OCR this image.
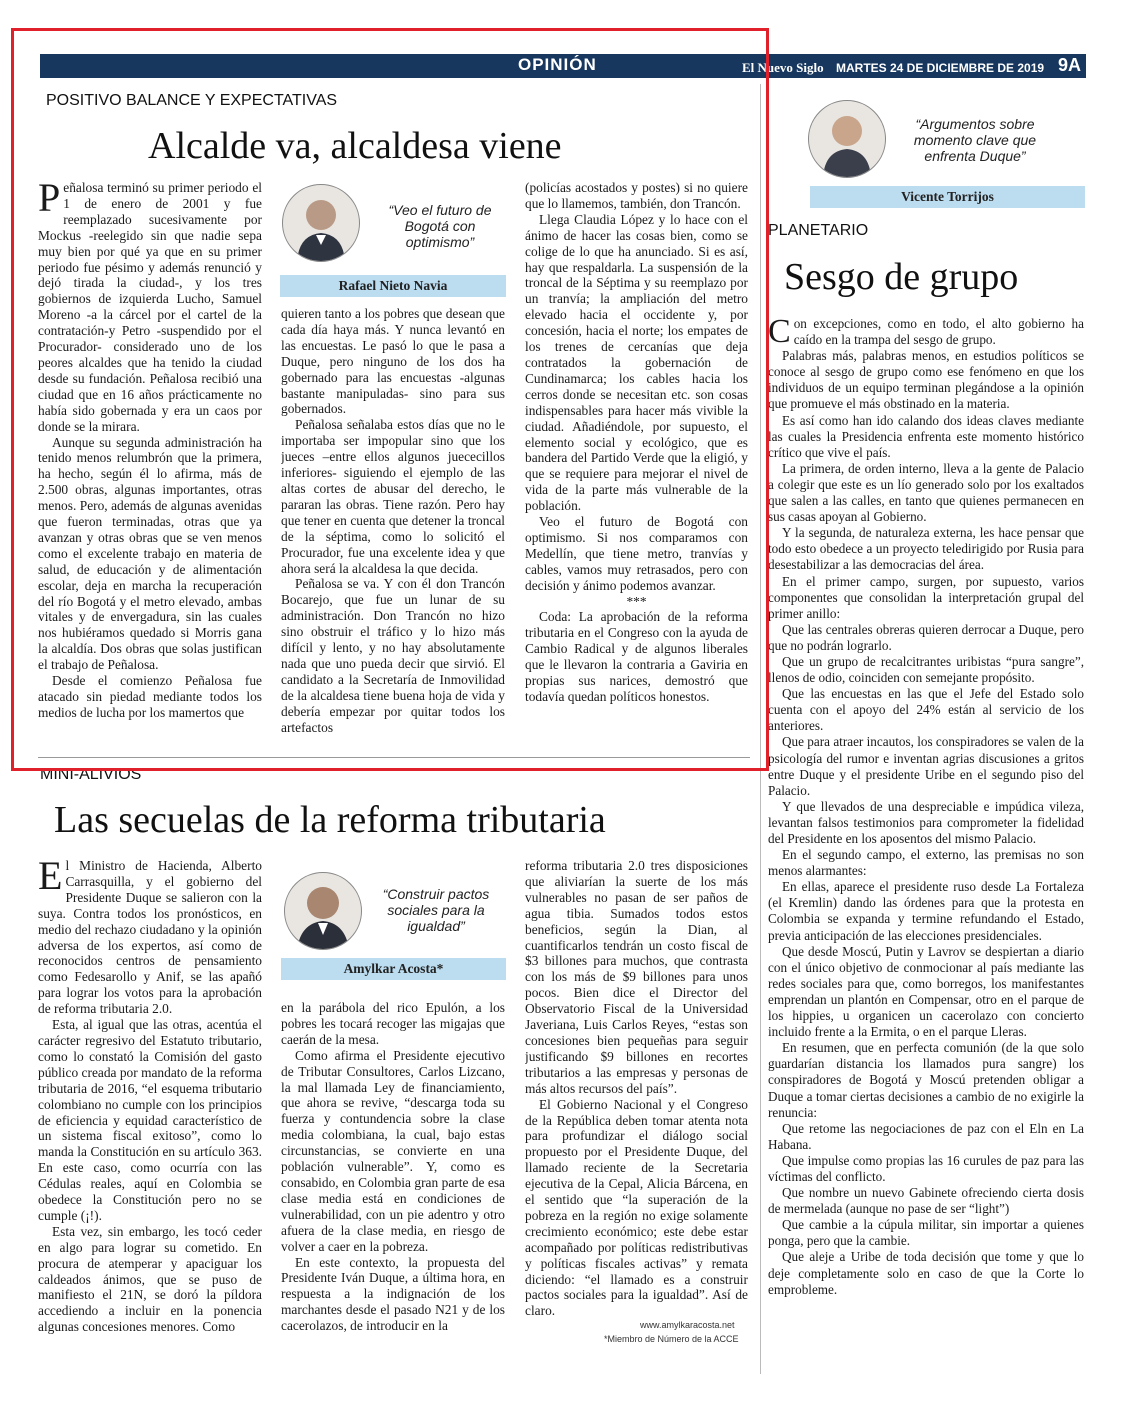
OPINIÓN	El Nuevo Siglo MARTES 24 DE DICIEMBRE DE 2019 9A
POSITIVO BALANCE Y EXPECTATIVAS
Alcalde va, alcaldesa viene

Peñalosa terminó su primer periodo el 1 de enero de 2001 y fue reemplazado sucesivamente por Mockus -reelegido sin que nadie sepa muy bien por qué ya que en su primer periodo fue pésimo y además renunció y dejó tirada la ciudad-, y los tres gobiernos de izquierda Lucho, Samuel Moreno -a la cárcel por el cartel de la contratación-y Petro -suspendido por el Procurador- considerado uno de los peores alcaldes que ha tenido la ciudad desde su fundación. Peñalosa recibió una ciudad que en 16 años prácticamente no había sido gobernada y era un caos por donde se la mirara.

Aunque su segunda administración ha tenido menos relumbrón que la primera, ha hecho, según él lo afirma, más de 2.500 obras, algunas importantes, otras menos. Pero, además de algunas avenidas que fueron terminadas, otras que ya avanzan y otras obras que se ven menos como el excelente trabajo en materia de salud, de educación y de alimentación escolar, deja en marcha la recuperación del río Bogotá y el metro elevado, ambas vitales y de envergadura, sin las cuales nos hubiéramos quedado si Morris gana la alcaldía. Dos obras que solas justifican el trabajo de Peñalosa.

Desde el comienzo Peñalosa fue atacado sin piedad mediante todos los medios de lucha por los mamertos que

“Veo el futuro de Bogotá con optimismo”
Rafael Nieto Navia

quieren tanto a los pobres que desean que cada día haya más. Y nunca levantó en las encuestas. Le pasó lo que le pasa a Duque, pero ninguno de los dos ha gobernado para las encuestas -algunas bastante manipuladas- sino para sus gobernados.

Peñalosa señalaba estos días que no le importaba ser impopular sino que los jueces –entre ellos algunos juececillos inferiores- siguiendo el ejemplo de las altas cortes de abusar del derecho, le pararan las obras. Tiene razón. Pero hay que tener en cuenta que detener la troncal de la séptima, como lo solicitó el Procurador, fue una excelente idea y que ahora será la alcaldesa la que decida.

Peñalosa se va. Y con él don Trancón Bocarejo, que fue un lunar de su administración. Don Trancón no hizo sino obstruir el tráfico y lo hizo más difícil y lento, y no hay absolutamente nada que uno pueda decir que sirvió. El candidato a la Secretaría de Inmovilidad de la alcaldesa tiene buena hoja de vida y debería empezar por quitar todos los artefactos

(policías acostados y postes) si no quiere que lo llamemos, también, don Trancón.

Llega Claudia López y lo hace con el ánimo de hacer las cosas bien, como se colige de lo que ha anunciado. Si es así, hay que respaldarla. La suspensión de la troncal de la Séptima y su reemplazo por un tranvía; la ampliación del metro elevado hacia el occidente y, por concesión, hacia el norte; los empates de los trenes de cercanías que deja contratados la gobernación de Cundinamarca; los cables hacia los cerros donde se necesitan etc. son cosas indispensables para hacer más vivible la ciudad. Añadiéndole, por supuesto, el elemento social y ecológico, que es bandera del Partido Verde que la eligió, y que se requiere para mejorar el nivel de vida de la parte más vulnerable de la población.

Veo el futuro de Bogotá con optimismo. Si nos comparamos con Medellín, que tiene metro, tranvías y cables, vamos muy retrasados, pero con decisión y ánimo podemos avanzar.

***

Coda: La aprobación de la reforma tributaria en el Congreso con la ayuda de Cambio Radical y de algunos liberales que le llevaron la contraria a Gaviria en propias sus narices, demostró que todavía quedan políticos honestos.

MINI-ALIVIOS
Las secuelas de la reforma tributaria

El Ministro de Hacienda, Alberto Carrasquilla, y el gobierno del Presidente Duque se salieron con la suya. Contra todos los pronósticos, en medio del rechazo ciudadano y la opinión adversa de los expertos, así como de reconocidos centros de pensamiento como Fedesarollo y Anif, se las apañó para lograr los votos para la aprobación de reforma tributaria 2.0.

Esta, al igual que las otras, acentúa el carácter regresivo del Estatuto tributario, como lo constató la Comisión del gasto público creada por mandato de la reforma tributaria de 2016, “el esquema tributario colombiano no cumple con los principios de eficiencia y equidad característico de un sistema fiscal exitoso”, como lo manda la Constitución en su artículo 363. En este caso, como ocurría con las Cédulas reales, aquí en Colombia se obedece la Constitución pero no se cumple (¡!).

Esta vez, sin embargo, les tocó ceder en algo para lograr su cometido. En procura de atemperar y apaciguar los caldeados ánimos, que se puso de manifiesto el 21N, se doró la píldora accediendo a incluir en la ponencia algunas concesiones menores. Como

“Construir pactos sociales para la igualdad”
Amylkar Acosta*

en la parábola del rico Epulón, a los pobres les tocará recoger las migajas que caerán de la mesa.

Como afirma el Presidente ejecutivo de Tributar Consultores, Carlos Lizcano, la mal llamada Ley de financiamiento, que ahora se revive, “descarga toda su fuerza y contundencia sobre la clase media colombiana, la cual, bajo estas circunstancias, se convierte en una población vulnerable”. Y, como es consabido, en Colombia gran parte de esa clase media está en condiciones de vulnerabilidad, con un pie adentro y otro afuera de la clase media, en riesgo de volver a caer en la pobreza.

En este contexto, la propuesta del Presidente Iván Duque, a última hora, en respuesta a la indignación de los marchantes desde el pasado N21 y de los cacerolazos, de introducir en la

reforma tributaria 2.0 tres disposiciones que aliviarían la suerte de los más vulnerables no pasan de ser paños de agua tibia. Sumados todos estos beneficios, según la Dian, al cuantificarlos tendrán un costo fiscal de $3 billones para muchos, que contrasta con los más de $9 billones para unos pocos. Bien dice el Director del Observatorio Fiscal de la Universidad Javeriana, Luis Carlos Reyes, “estas son concesiones bien pequeñas para seguir justificando $9 billones en recortes tributarios a las empresas y personas de más altos recursos del país”.

El Gobierno Nacional y el Congreso de la República deben tomar atenta nota para profundizar el diálogo social propuesto por el Presidente Duque, del llamado reciente de la Secretaria ejecutiva de la Cepal, Alicia Bárcena, en el sentido que “la superación de la pobreza en la región no exige solamente crecimiento económico; este debe estar acompañado por políticas redistributivas y políticas fiscales activas” y remata diciendo: “el llamado es a construir pactos sociales para la igualdad”. Así de claro.

www.amylkaracosta.net
*Miembro de Número de la ACCE
“Argumentos sobre momento clave que enfrenta Duque”
Vicente Torrijos
PLANETARIO
Sesgo de grupo

Con excepciones, como en todo, el alto gobierno ha caído en la trampa del sesgo de grupo.

Palabras más, palabras menos, en estudios políticos se conoce al sesgo de grupo como ese fenómeno en que los individuos de un equipo terminan plegándose a la opinión que promueve el más obstinado en la materia.

Es así como han ido calando dos ideas claves mediante las cuales la Presidencia enfrenta este momento histórico crítico que vive el país.

La primera, de orden interno, lleva a la gente de Palacio a colegir que este es un lío generado solo por los exaltados que salen a las calles, en tanto que quienes permanecen en sus casas apoyan al Gobierno.

Y la segunda, de naturaleza externa, les hace pensar que todo esto obedece a un proyecto teledirigido por Rusia para desestabilizar a las democracias del área.

En el primer campo, surgen, por supuesto, varios componentes que consolidan la interpretación grupal del primer anillo:

Que las centrales obreras quieren derrocar a Duque, pero que no podrán lograrlo.

Que un grupo de recalcitrantes uribistas “pura sangre”, llenos de odio, coinciden con semejante propósito.

Que las encuestas en las que el Jefe del Estado solo cuenta con el apoyo del 24% están al servicio de los anteriores.

Que para atraer incautos, los conspiradores se valen de la psicología del rumor e inventan agrias discusiones a gritos entre Duque y el presidente Uribe en el segundo piso del Palacio.

Y que llevados de una despreciable e impúdica vileza, levantan falsos testimonios para comprometer la fidelidad del Presidente en los aposentos del mismo Palacio.

En el segundo campo, el externo, las premisas no son menos alarmantes:

En ellas, aparece el presidente ruso desde La Fortaleza (el Kremlin) dando las órdenes para que la protesta en Colombia se expanda y termine refundando el Estado, previa anticipación de las elecciones presidenciales.

Que desde Moscú, Putin y Lavrov se despiertan a diario con el único objetivo de conmocionar al país mediante las redes sociales para que, como borregos, los manifestantes emprendan un plantón en Compensar, otro en el parque de los hippies, u organicen un cacerolazo con concierto incluido frente a la Ermita, o en el parque Lleras.

En resumen, que en perfecta comunión (de la que solo guardarían distancia los llamados pura sangre) los conspiradores de Bogotá y Moscú pretenden obligar a Duque a tomar ciertas decisiones a cambio de no exigirle la renuncia:

Que retome las negociaciones de paz con el Eln en La Habana.

Que impulse como propias las 16 curules de paz para las víctimas del conflicto.

Que nombre un nuevo Gabinete ofreciendo cierta dosis de mermelada (aunque no pase de ser “light”)

Que cambie a la cúpula militar, sin importar a quienes ponga, pero que la cambie.

Que aleje a Uribe de toda decisión que tome y que lo deje completamente solo en caso de que la Corte lo emproblemе.
